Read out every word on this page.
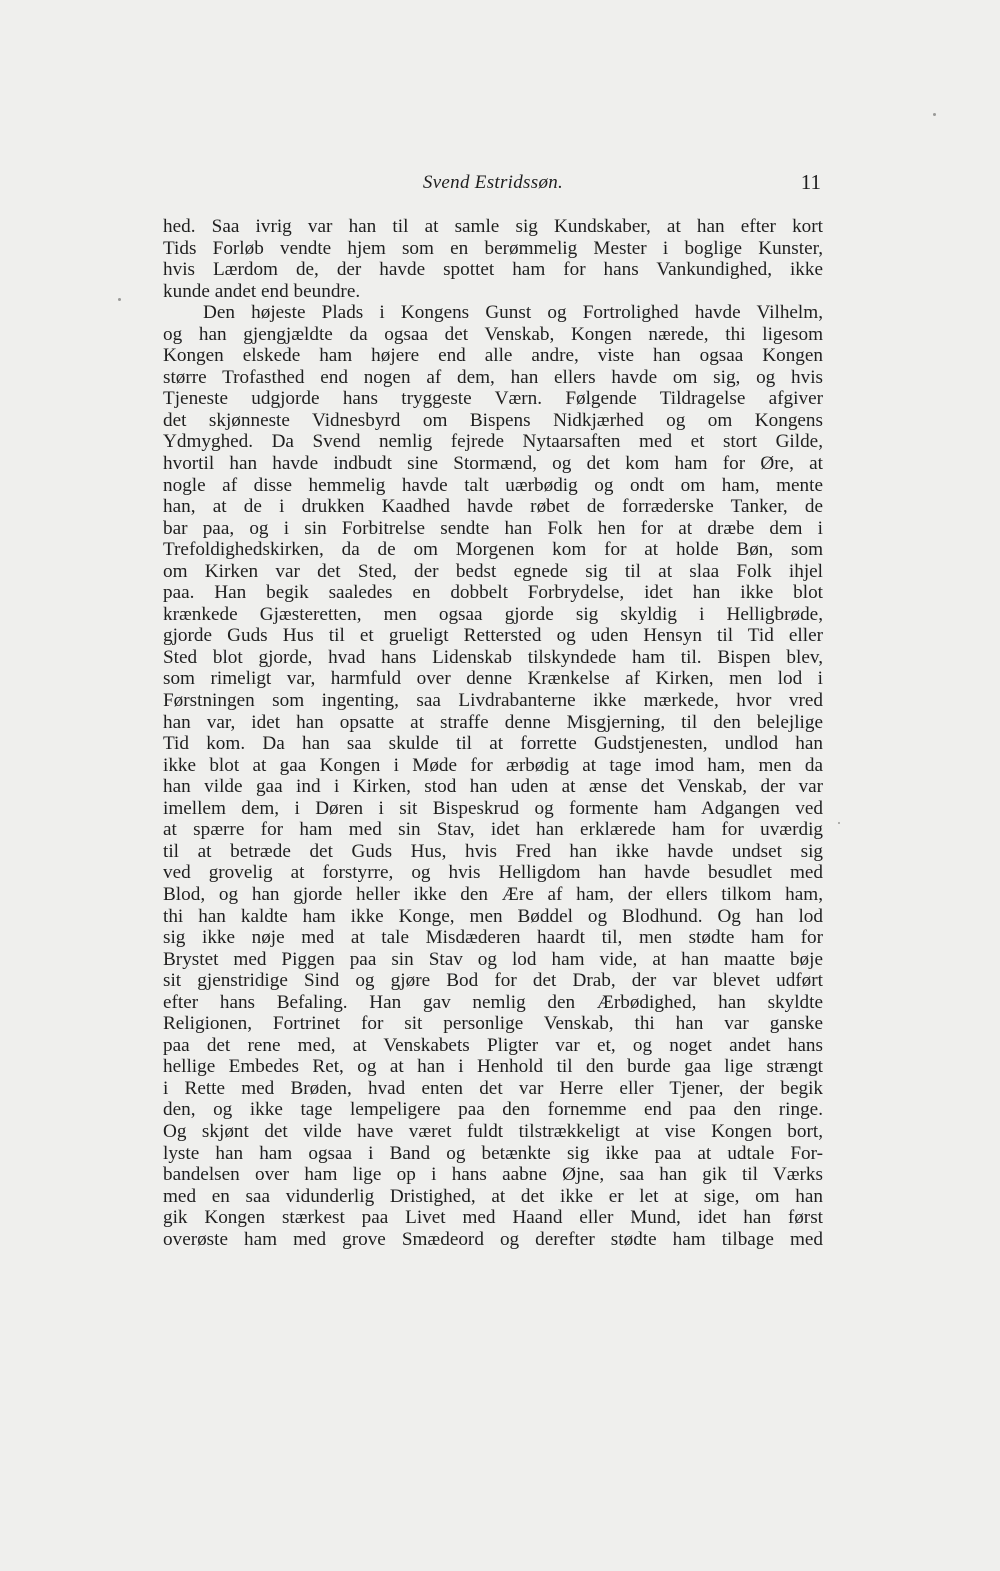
Svend Estridssøn.	11
hed. Saa ivrig var han til at samle sig Kundskaber, at han efter kort
Tids Forløb vendte hjem som en berømmelig Mester i boglige Kunster,
hvis Lærdom de, der havde spottet ham for hans Vankundighed, ikke
kunde andet end beundre.
Den højeste Plads i Kongens Gunst og Fortrolighed havde Vilhelm,
og han gjengjældte da ogsaa det Venskab, Kongen nærede, thi ligesom
Kongen elskede ham højere end alle andre, viste han ogsaa Kongen
større Trofasthed end nogen af dem, han ellers havde om sig, og hvis
Tjeneste udgjorde hans tryggeste Værn. Følgende Tildragelse afgiver
det skjønneste Vidnesbyrd om Bispens Nidkjærhed og om Kongens
Ydmyghed. Da Svend nemlig fejrede Nytaarsaften med et stort Gilde,
hvortil han havde indbudt sine Stormænd, og det kom ham for Øre, at
nogle af disse hemmelig havde talt uærbødig og ondt om ham, mente
han, at de i drukken Kaadhed havde røbet de forræderske Tanker, de
bar paa, og i sin Forbitrelse sendte han Folk hen for at dræbe dem i
Trefoldighedskirken, da de om Morgenen kom for at holde Bøn, som
om Kirken var det Sted, der bedst egnede sig til at slaa Folk ihjel
paa. Han begik saaledes en dobbelt Forbrydelse, idet han ikke blot
krænkede Gjæsteretten, men ogsaa gjorde sig skyldig i Helligbrøde,
gjorde Guds Hus til et grueligt Rettersted og uden Hensyn til Tid eller
Sted blot gjorde, hvad hans Lidenskab tilskyndede ham til. Bispen blev,
som rimeligt var, harmfuld over denne Krænkelse af Kirken, men lod i
Førstningen som ingenting, saa Livdrabanterne ikke mærkede, hvor vred
han var, idet han opsatte at straffe denne Misgjerning, til den belejlige
Tid kom. Da han saa skulde til at forrette Gudstjenesten, undlod han
ikke blot at gaa Kongen i Møde for ærbødig at tage imod ham, men da
han vilde gaa ind i Kirken, stod han uden at ænse det Venskab, der var
imellem dem, i Døren i sit Bispeskrud og formente ham Adgangen ved
at spærre for ham med sin Stav, idet han erklærede ham for uværdig
til at betræde det Guds Hus, hvis Fred han ikke havde undset sig
ved grovelig at forstyrre, og hvis Helligdom han havde besudlet med
Blod, og han gjorde heller ikke den Ære af ham, der ellers tilkom ham,
thi han kaldte ham ikke Konge, men Bøddel og Blodhund. Og han lod
sig ikke nøje med at tale Misdæderen haardt til, men stødte ham for
Brystet med Piggen paa sin Stav og lod ham vide, at han maatte bøje
sit gjenstridige Sind og gjøre Bod for det Drab, der var blevet udført
efter hans Befaling. Han gav nemlig den Ærbødighed, han skyldte
Religionen, Fortrinet for sit personlige Venskab, thi han var ganske
paa det rene med, at Venskabets Pligter var et, og noget andet hans
hellige Embedes Ret, og at han i Henhold til den burde gaa lige strængt
i Rette med Brøden, hvad enten det var Herre eller Tjener, der begik
den, og ikke tage lempeligere paa den fornemme end paa den ringe.
Og skjønt det vilde have været fuldt tilstrækkeligt at vise Kongen bort,
lyste han ham ogsaa i Band og betænkte sig ikke paa at udtale For-
bandelsen over ham lige op i hans aabne Øjne, saa han gik til Værks
med en saa vidunderlig Dristighed, at det ikke er let at sige, om han
gik Kongen stærkest paa Livet med Haand eller Mund, idet han først
overøste ham med grove Smædeord og derefter stødte ham tilbage med
